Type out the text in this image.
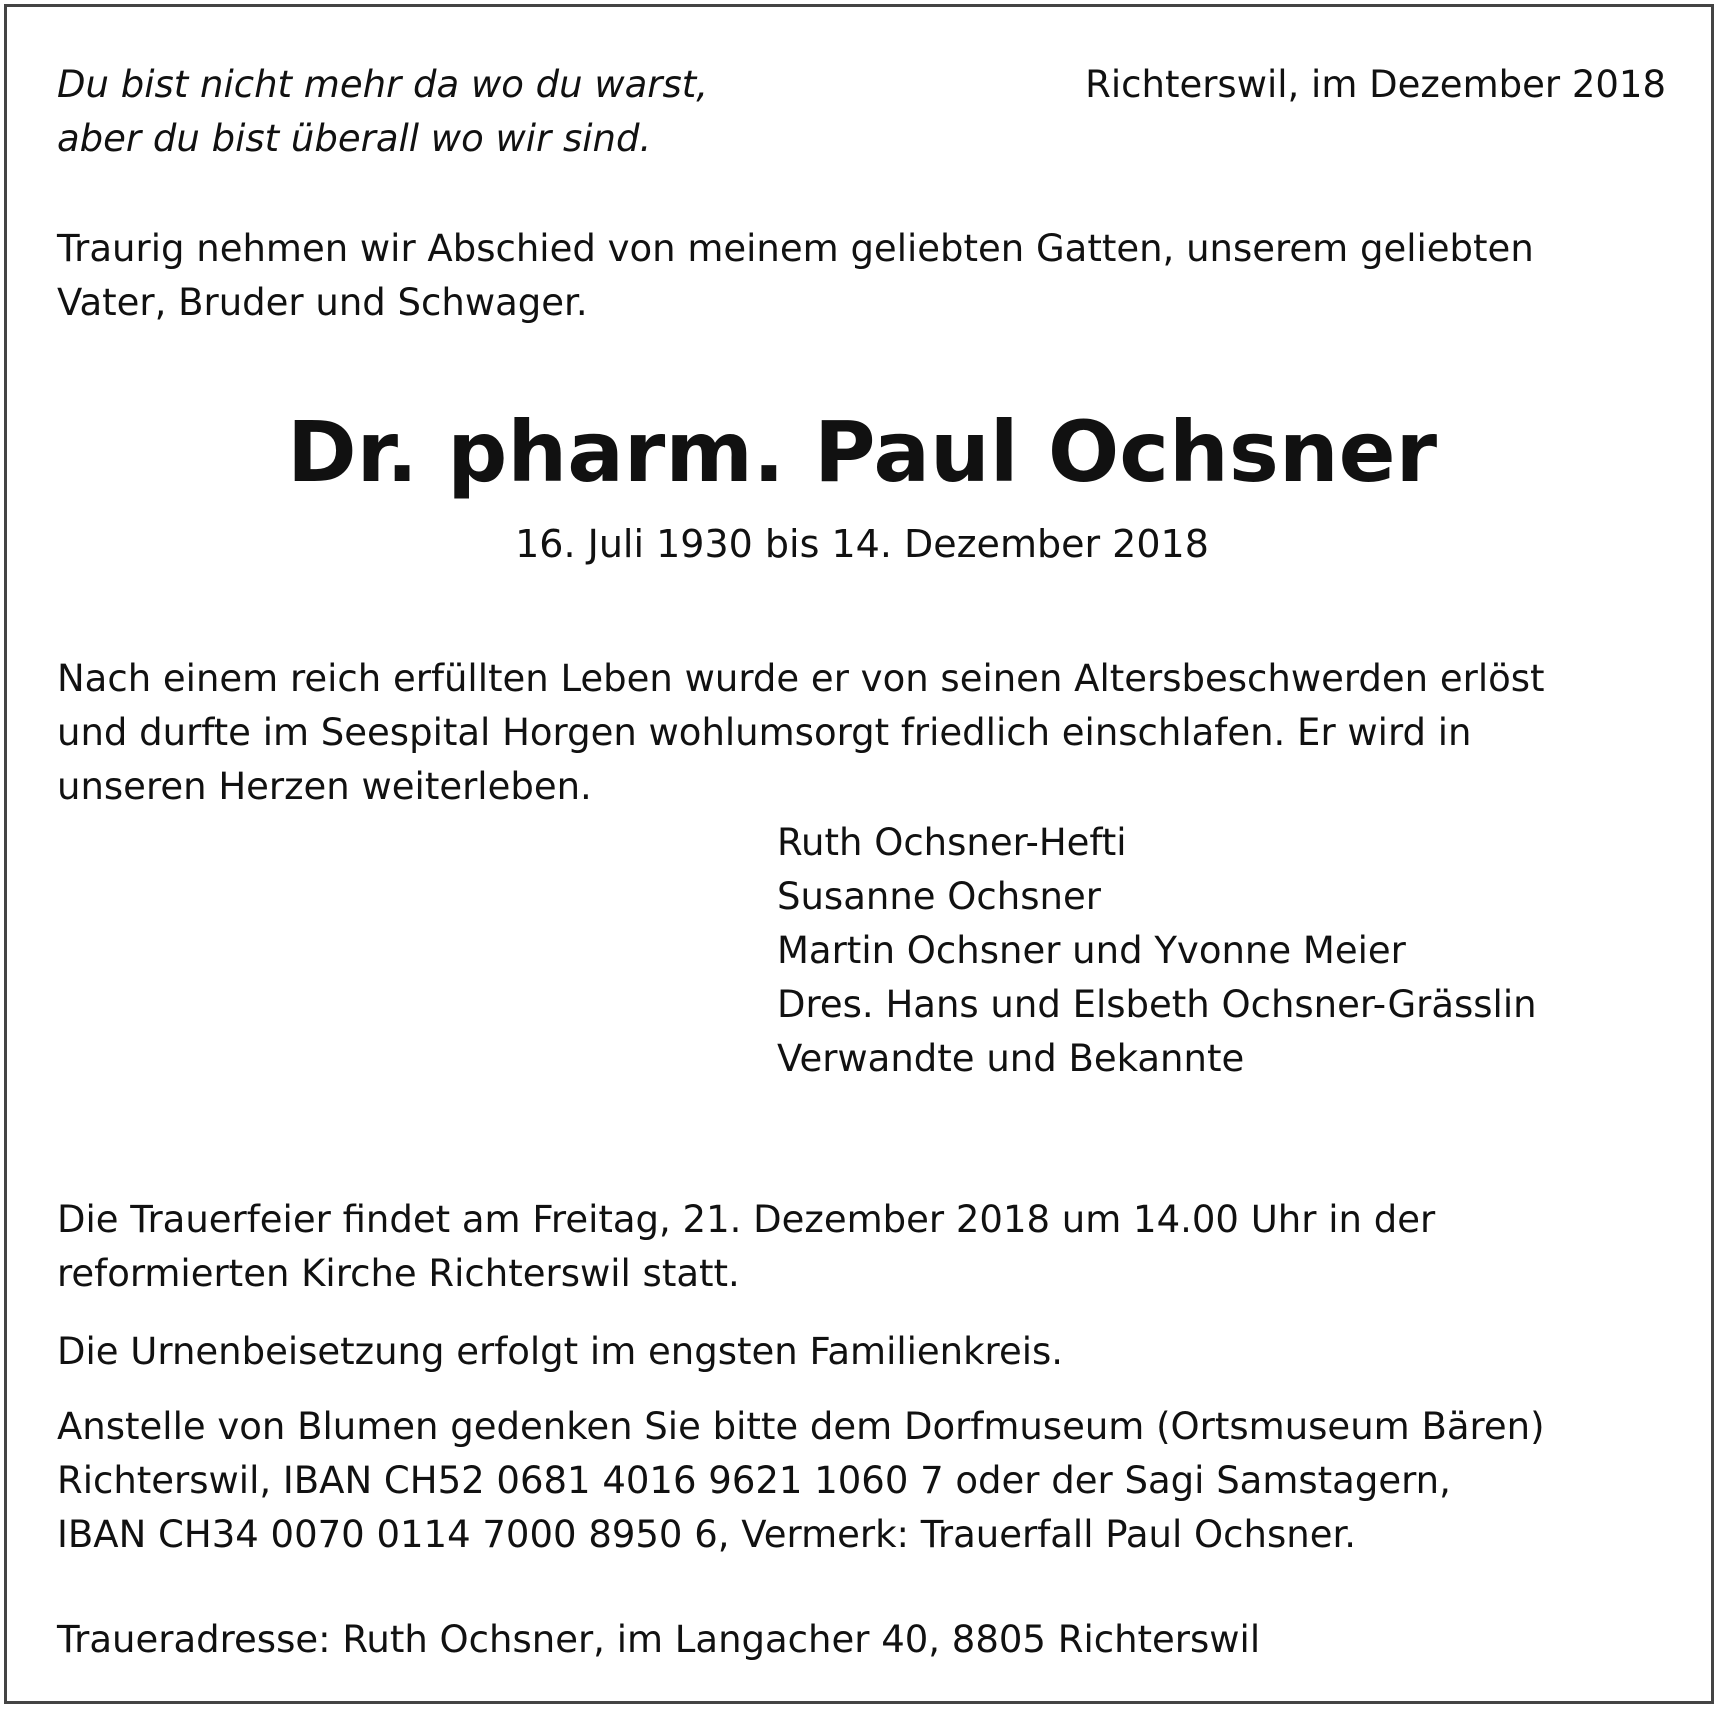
Du bist nicht mehr da wo du warst,
aber du bist überall wo wir sind.
Richterswil, im Dezember 2018
Traurig nehmen wir Abschied von meinem geliebten Gatten, unserem geliebten
Vater, Bruder und Schwager.
Dr. pharm. Paul Ochsner
16. Juli 1930 bis 14. Dezember 2018
Nach einem reich erfüllten Leben wurde er von seinen Altersbeschwerden erlöst
und durfte im Seespital Horgen wohlumsorgt friedlich einschlafen. Er wird in
unseren Herzen weiterleben.
Ruth Ochsner-Hefti
Susanne Ochsner
Martin Ochsner und Yvonne Meier
Dres. Hans und Elsbeth Ochsner-Grässlin
Verwandte und Bekannte
Die Trauerfeier findet am Freitag, 21. Dezember 2018 um 14.00 Uhr in der
reformierten Kirche Richterswil statt.
Die Urnenbeisetzung erfolgt im engsten Familienkreis.
Anstelle von Blumen gedenken Sie bitte dem Dorfmuseum (Ortsmuseum Bären)
Richterswil, IBAN CH52 0681 4016 9621 1060 7 oder der Sagi Samstagern,
IBAN CH34 0070 0114 7000 8950 6, Vermerk: Trauerfall Paul Ochsner.
Traueradresse: Ruth Ochsner, im Langacher 40, 8805 Richterswil
